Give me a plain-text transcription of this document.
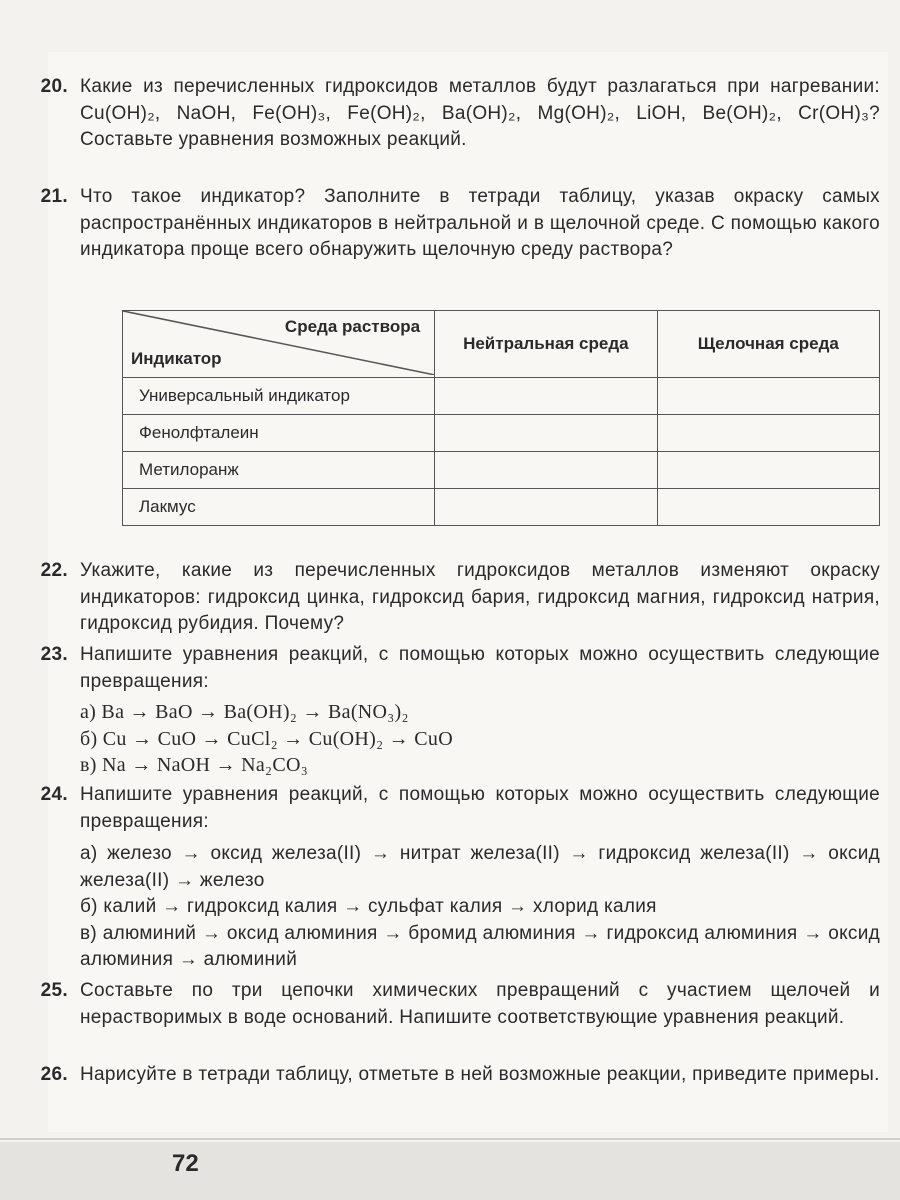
20. Какие из перечисленных гидроксидов металлов будут разлагаться при нагревании: Cu(OH)₂, NaOH, Fe(OH)₃, Fe(OH)₂, Ba(OH)₂, Mg(OH)₂, LiOH, Be(OH)₂, Cr(OH)₃? Составьте уравнения возможных реакций.
21. Что такое индикатор? Заполните в тетради таблицу, указав окраску самых распространённых индикаторов в нейтральной и в щелочной среде. С помощью какого индикатора проще всего обнаружить щелочную среду раствора?
Среда раствора
Индикатор	Нейтральная среда	Щелочная среда
Универсальный индикатор		
Фенолфталеин		
Метилоранж		
Лакмус		
22. Укажите, какие из перечисленных гидроксидов металлов изменяют окраску индикаторов: гидроксид цинка, гидроксид бария, гидроксид магния, гидроксид натрия, гидроксид рубидия. Почему?
23. Напишите уравнения реакций, с помощью которых можно осуществить следующие превращения:
а) Ba → BaO → Ba(OH)₂ → Ba(NO₃)₂
б) Cu → CuO → CuCl₂ → Cu(OH)₂ → CuO
в) Na → NaOH → Na₂CO₃
24. Напишите уравнения реакций, с помощью которых можно осуществить следующие превращения:
а) железо → оксид железа(II) → нитрат железа(II) → гидроксид железа(II) → оксид железа(II) → железо
б) калий → гидроксид калия → сульфат калия → хлорид калия
в) алюминий → оксид алюминия → бромид алюминия → гидроксид алюминия → оксид алюминия → алюминий
25. Составьте по три цепочки химических превращений с участием щелочей и нерастворимых в воде оснований. Напишите соответствующие уравнения реакций.
26. Нарисуйте в тетради таблицу, отметьте в ней возможные реакции, приведите примеры.
72
